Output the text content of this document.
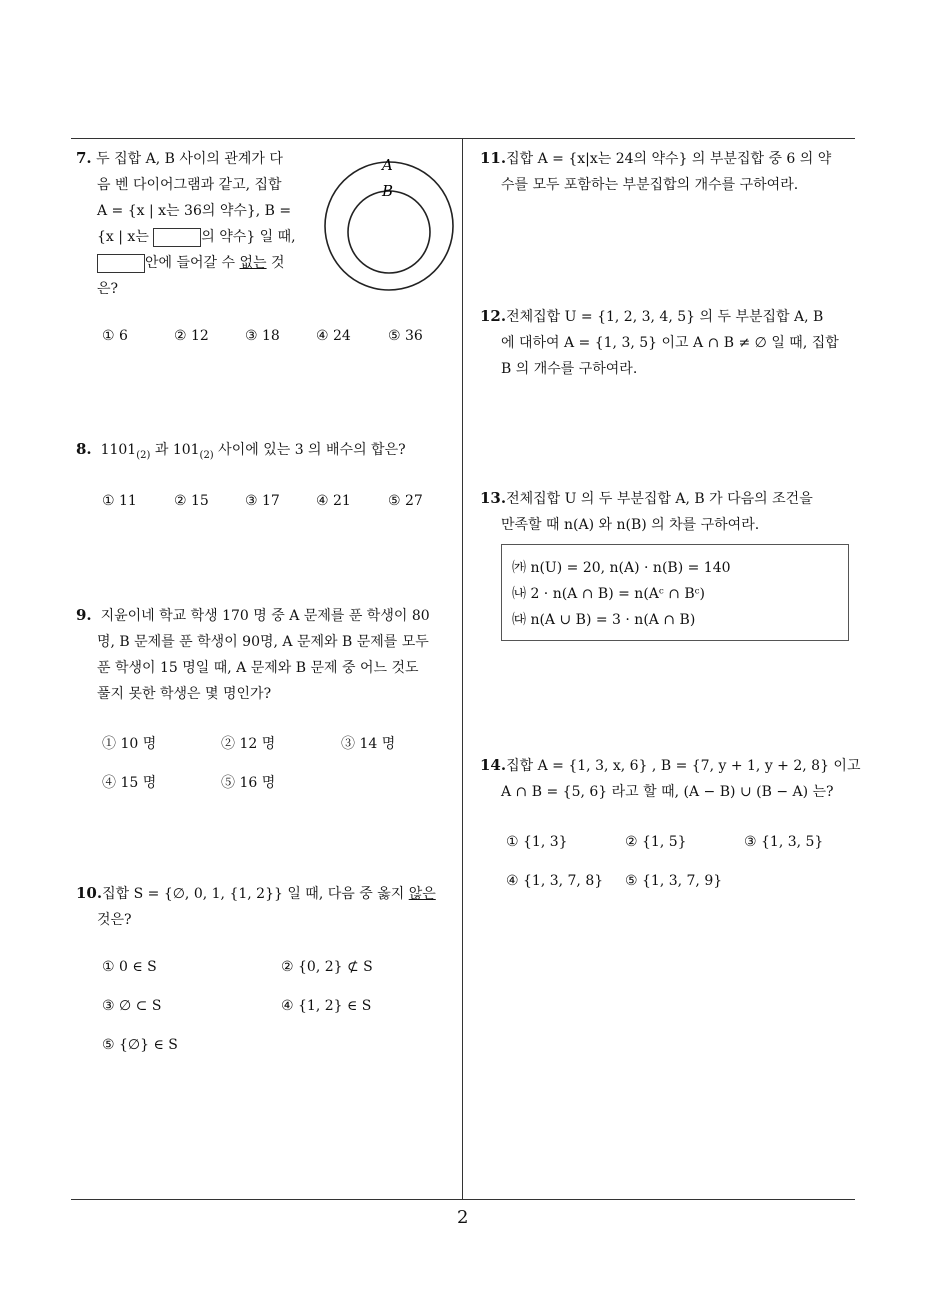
7. 두 집합 A, B 사이의 관계가 다
음 벤 다이어그램과 같고, 집합
A = {x | x는 36의 약수}, B =
{x | x는	의 약수} 일 때,
안에 들어갈 수 없는 것
은?
A
B
① 6	② 12	③ 18	④ 24	⑤ 36
8. $1101_{(2)}$ 과 $101_{(2)}$ 사이에 있는 3 의 배수의 합은?
① 11	② 15	③ 17	④ 21	⑤ 27
9. 지윤이네 학교 학생 170 명 중 A 문제를 푼 학생이 80
명, B 문제를 푼 학생이 90명, A 문제와 B 문제를 모두
푼 학생이 15 명일 때, A 문제와 B 문제 중 어느 것도
풀지 못한 학생은 몇 명인가?
① 10 명	② 12 명	③ 14 명
④ 15 명	⑤ 16 명
10.집합 S = {∅, 0, 1, {1, 2}} 일 때, 다음 중 옳지 않은
것은?
① 0 ∈ S	② {0, 2} ⊄ S
③ ∅ ⊂ S	④ {1, 2} ∈ S
⑤ {∅} ∈ S
11.집합 A = {x|x는 24의 약수} 의 부분집합 중 6 의 약
수를 모두 포함하는 부분집합의 개수를 구하여라.
12.전체집합 U = {1, 2, 3, 4, 5} 의 두 부분집합 A, B
에 대하여 A = {1, 3, 5} 이고 A ∩ B ≠ ∅ 일 때, 집합
B 의 개수를 구하여라.
13.전체집합 U 의 두 부분집합 A, B 가 다음의 조건을
만족할 때 n(A) 와 n(B) 의 차를 구하여라.
㈎ n(U) = 20, n(A) · n(B) = 140
㈏ 2 · n(A ∩ B) = n(Aᶜ ∩ Bᶜ)
㈐ n(A ∪ B) = 3 · n(A ∩ B)
14.집합 A = {1, 3, x, 6} , B = {7, y + 1, y + 2, 8} 이고
A ∩ B = {5, 6} 라고 할 때, (A − B) ∪ (B − A) 는?
① {1, 3}	② {1, 5}	③ {1, 3, 5}
④ {1, 3, 7, 8} ⑤ {1, 3, 7, 9}
2
